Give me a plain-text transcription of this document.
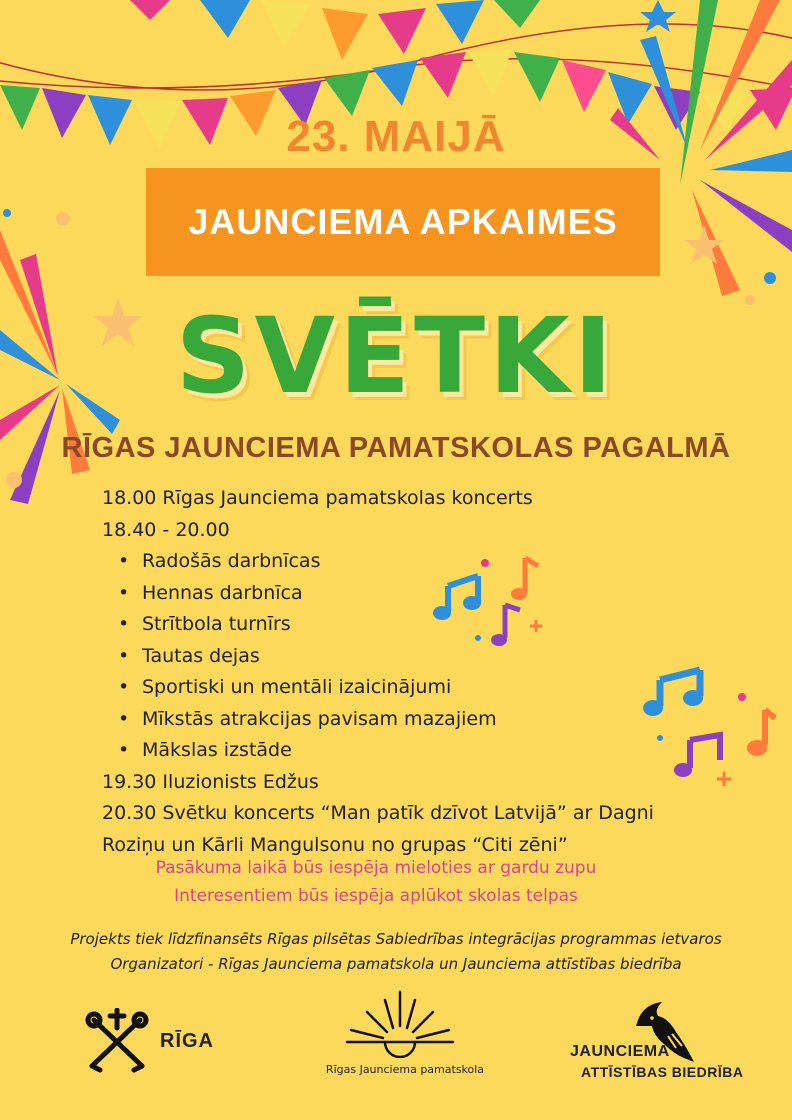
23. MAIJĀ
JAUNCIEMA APKAIMES
SVĒTKI
RĪGAS JAUNCIEMA PAMATSKOLAS PAGALMĀ
18.00 Rīgas Jaunciema pamatskolas koncerts
18.40 - 20.00
• Radošās darbnīcas
• Hennas darbnīca
• Strītbola turnīrs
• Tautas dejas
• Sportiski un mentāli izaicinājumi
• Mīkstās atrakcijas pavisam mazajiem
• Mākslas izstāde
19.30 Iluzionists Edžus
20.30 Svētku koncerts “Man patīk dzīvot Latvijā” ar Dagni
Roziņu un Kārli Mangulsonu no grupas “Citi zēni”
Pasākuma laikā būs iespēja mieloties ar gardu zupu
Interesentiem būs iespēja aplūkot skolas telpas
Projekts tiek līdzfinansēts Rīgas pilsētas Sabiedrības integrācijas programmas ietvaros
Organizatori - Rīgas Jaunciema pamatskola un Jaunciema attīstības biedrība
RĪGA
Rīgas Jaunciema pamatskola
JAUNCIEMA
ATTĪSTĪBAS BIEDRĪBA
